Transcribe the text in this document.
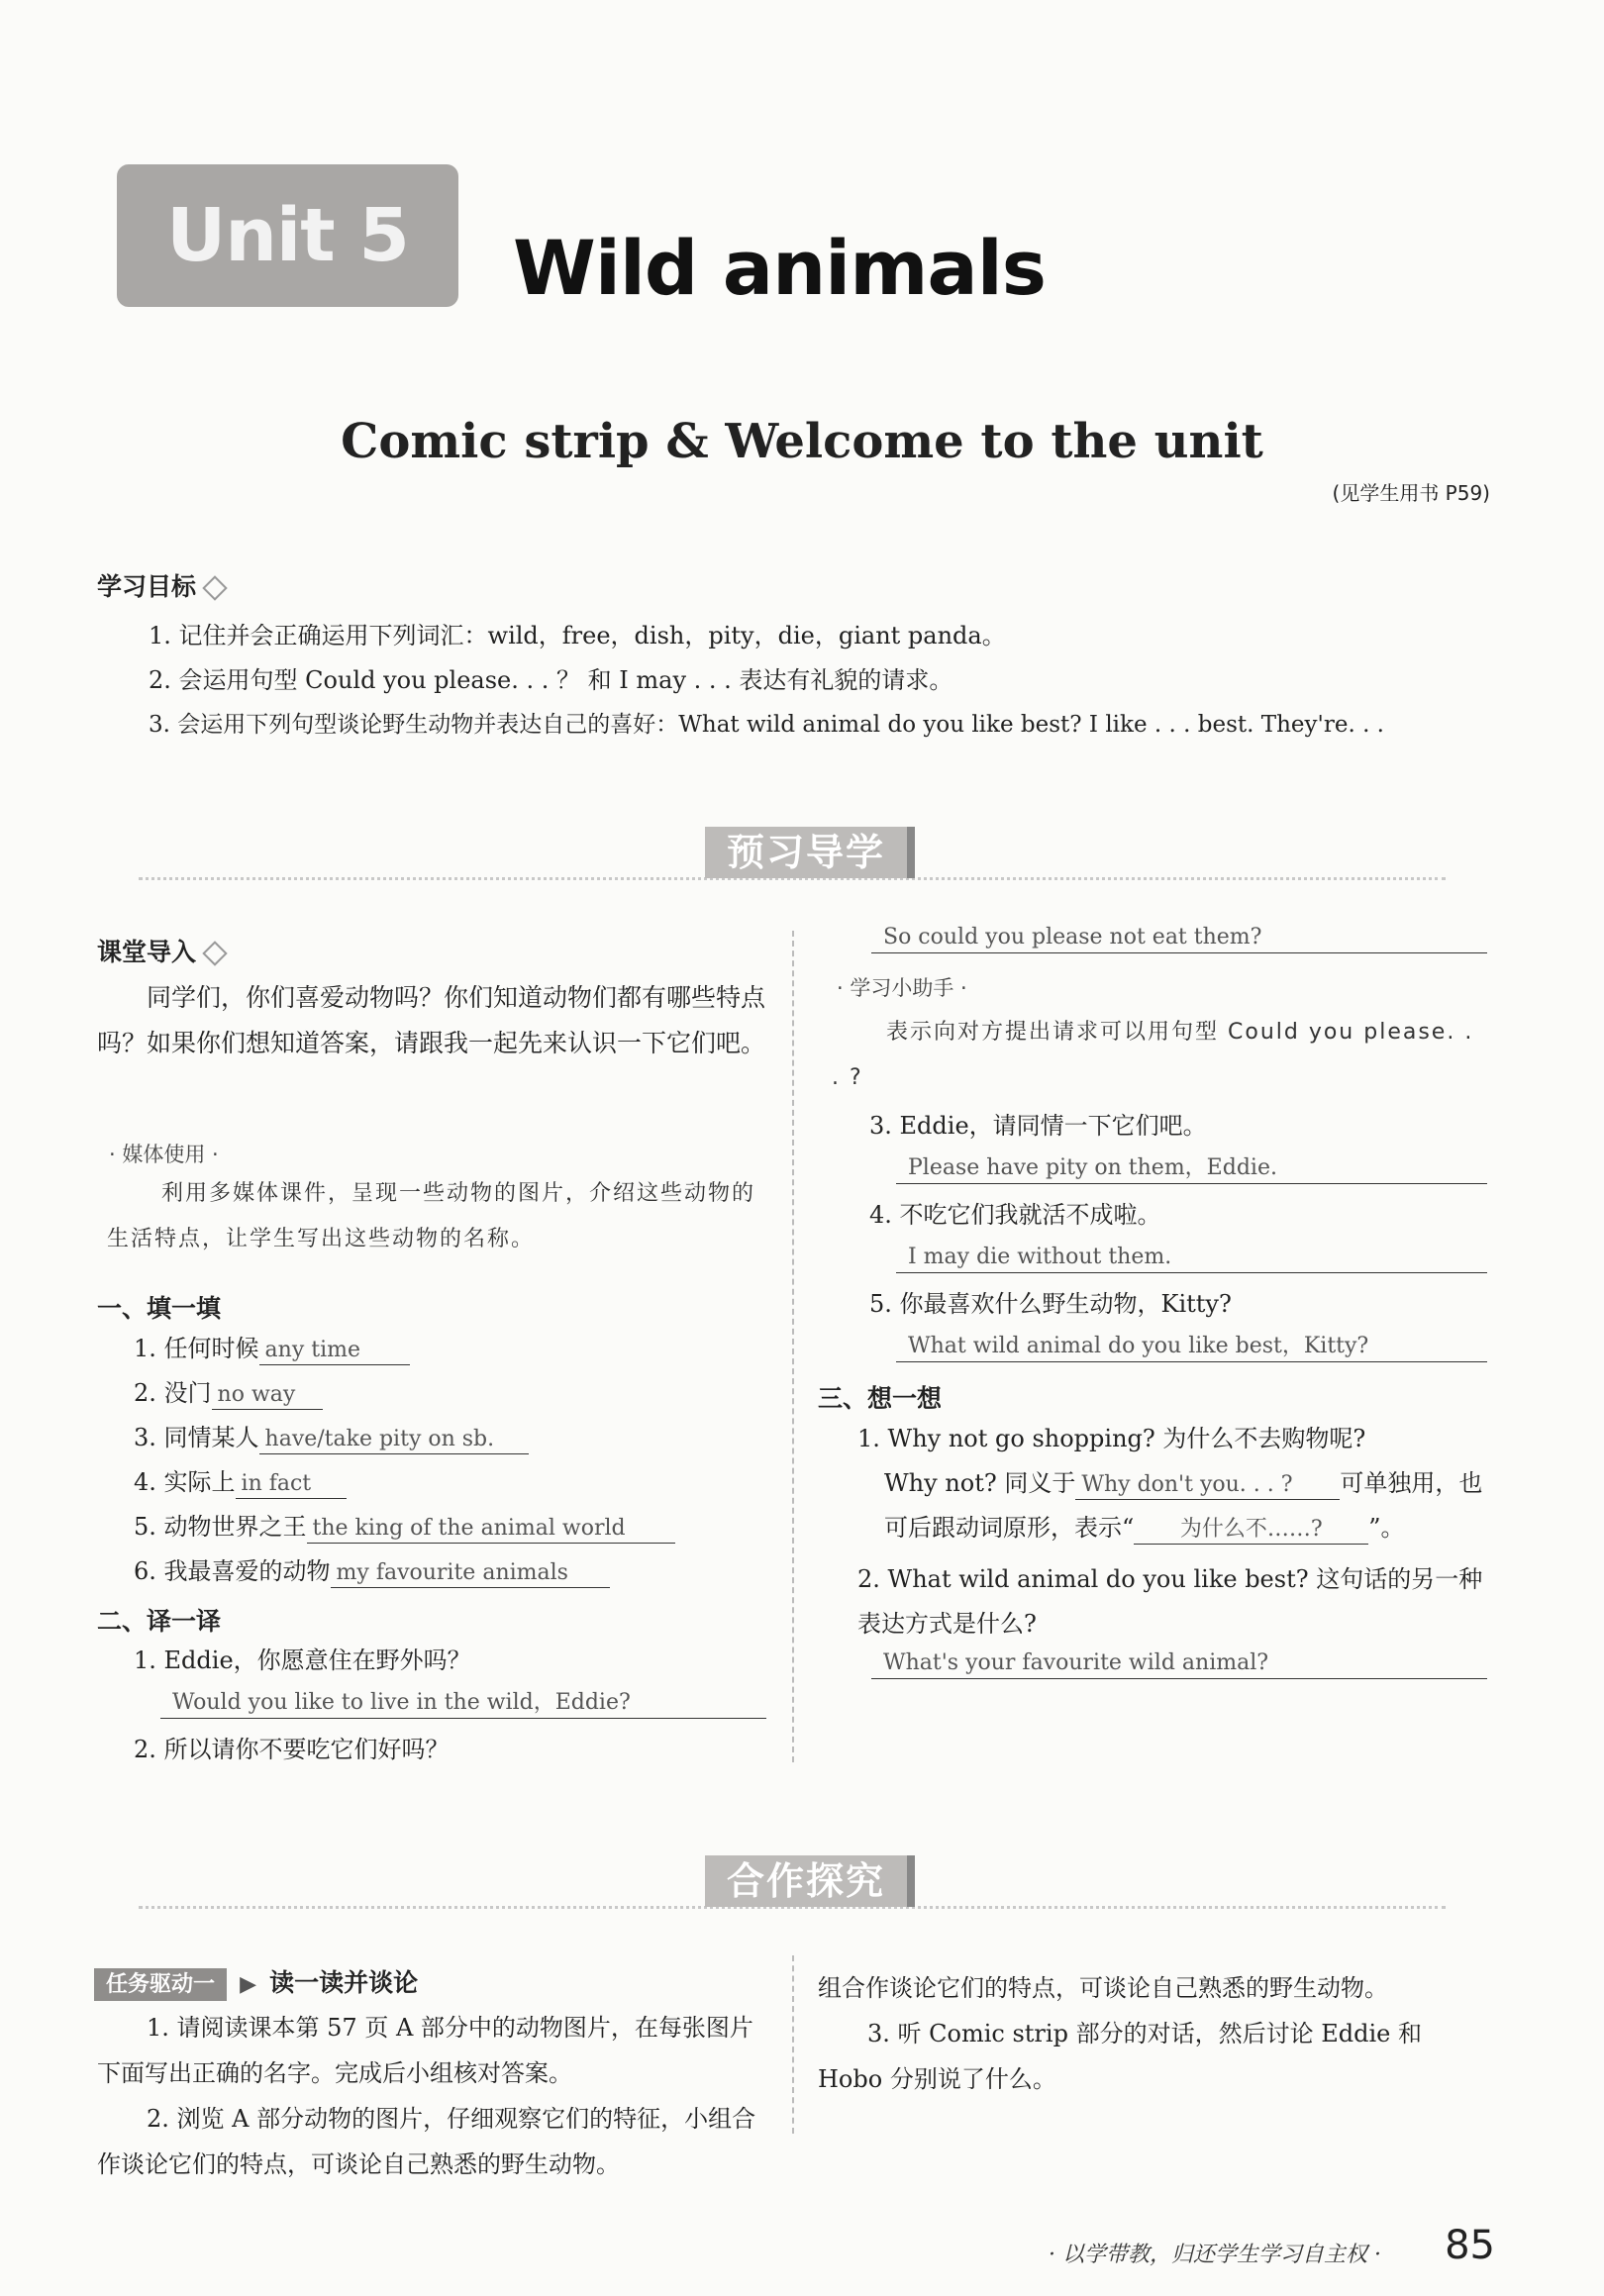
Unit 5	Wild animals
Comic strip & Welcome to the unit
(见学生用书 P59)
学习目标
1. 记住并会正确运用下列词汇：wild，free，dish，pity，die，giant panda。
2. 会运用句型 Could you please. . . ？ 和 I may . . . 表达有礼貌的请求。
3. 会运用下列句型谈论野生动物并表达自己的喜好：What wild animal do you like best? I like . . . best. They're. . .
预习导学
课堂导入
同学们，你们喜爱动物吗？你们知道动物们都有哪些特点吗？如果你们想知道答案，请跟我一起先来认识一下它们吧。
· 媒体使用 ·
利用多媒体课件，呈现一些动物的图片，介绍这些动物的生活特点，让学生写出这些动物的名称。
一、填一填
1. 任何时候 any time
2. 没门 no way
3. 同情某人 have/take pity on sb.
4. 实际上 in fact
5. 动物世界之王 the king of the animal world
6. 我最喜爱的动物 my favourite animals
二、译一译
1. Eddie，你愿意住在野外吗？
Would you like to live in the wild，Eddie?
2. 所以请你不要吃它们好吗？
So could you please not eat them?
· 学习小助手 ·
表示向对方提出请求可以用句型 Could you please. . . ?
3. Eddie，请同情一下它们吧。
Please have pity on them，Eddie.
4. 不吃它们我就活不成啦。
I may die without them.
5. 你最喜欢什么野生动物，Kitty?
What wild animal do you like best，Kitty?
三、想一想
1. Why not go shopping? 为什么不去购物呢?
Why not? 同义于 Why don't you. . . ? 可单独用，也
可后跟动词原形，表示“ 为什么不……? ”。
2. What wild animal do you like best? 这句话的另一种表达方式是什么?
What's your favourite wild animal?
合作探究
任务驱动一 ▶ 读一读并谈论
1. 请阅读课本第 57 页 A 部分中的动物图片，在每张图片下面写出正确的名字。完成后小组核对答案。
2. 浏览 A 部分动物的图片，仔细观察它们的特征，小组合作谈论它们的特点，可谈论自己熟悉的野生动物。
组合作谈论它们的特点，可谈论自己熟悉的野生动物。
3. 听 Comic strip 部分的对话，然后讨论 Eddie 和 Hobo 分别说了什么。
· 以学带教，归还学生学习自主权 · 85
